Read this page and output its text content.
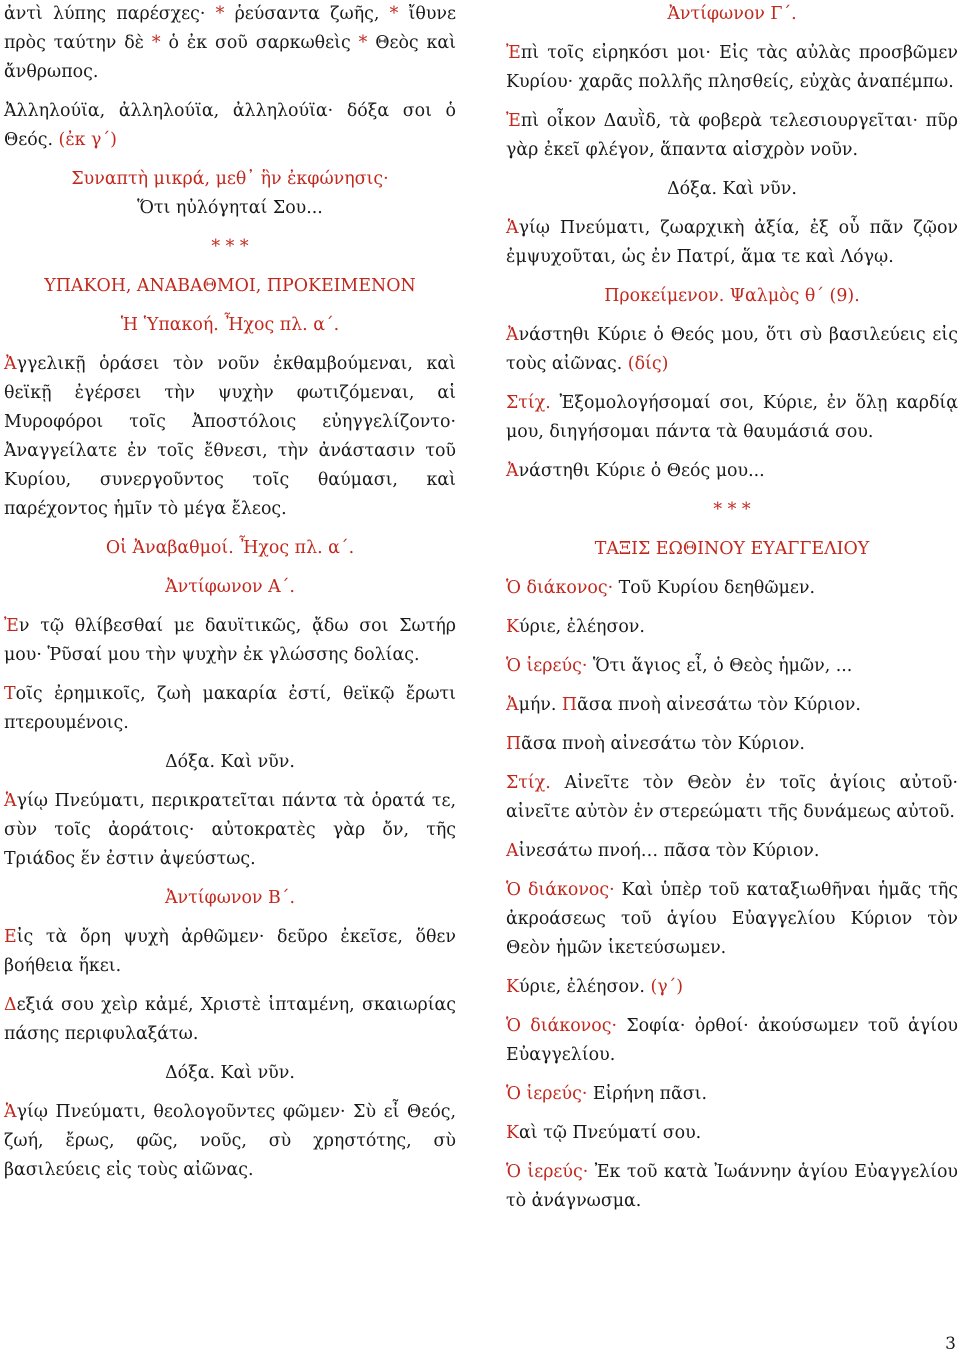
ἀντὶ λύπης παρέσχες· * ῥεύσαντα ζωῆς, * ἴθυνε πρὸς ταύτην δὲ * ὁ ἐκ σοῦ σαρκωθεὶς * Θεὸς καὶ ἄνθρωπος.

Ἀλληλούϊα, ἀλληλούϊα, ἀλληλούϊα· δόξα σοι ὁ Θεός. (ἐκ γ΄)

Συναπτὴ μικρά, μεθ᾽ ἣν ἐκφώνησις·

Ὅτι ηὐλόγηταί Σου...

* * *

ΥΠΑΚΟΗ, ΑΝΑΒΑΘΜΟΙ, ΠΡΟΚΕΙΜΕΝΟΝ

Ἡ Ὑπακοή. Ἦχος πλ. α΄.

Ἀγγελικῇ ὁράσει τὸν νοῦν ἐκθαμβούμεναι, καὶ θεϊκῇ ἐγέρσει τὴν ψυχὴν φωτιζόμεναι, αἱ Μυροφόροι τοῖς Ἀποστόλοις εὐηγγελίζοντο· Ἀναγγείλατε ἐν τοῖς ἔθνεσι, τὴν ἀνάστασιν τοῦ Κυρίου, συνεργοῦντος τοῖς θαύμασι, καὶ παρέχοντος ἡμῖν τὸ μέγα ἔλεος.

Οἱ Ἀναβαθμοί. Ἦχος πλ. α΄.

Ἀντίφωνον Α΄.

Ἐν τῷ θλίβεσθαί με δαυϊτικῶς, ᾄδω σοι Σωτήρ μου· Ῥῦσαί μου τὴν ψυχὴν ἐκ γλώσσης δολίας.

Τοῖς ἐρημικοῖς, ζωὴ μακαρία ἐστί, θεϊκῷ ἔρωτι πτερουμένοις.

Δόξα. Καὶ νῦν.

Ἁγίῳ Πνεύματι, περικρατεῖται πάντα τὰ ὁρατά τε, σὺν τοῖς ἀοράτοις· αὐτοκρατὲς γὰρ ὄν, τῆς Τριάδος ἕν ἐστιν ἀψεύστως.

Ἀντίφωνον Β΄.

Εἰς τὰ ὄρη ψυχὴ ἀρθῶμεν· δεῦρο ἐκεῖσε, ὅθεν βοήθεια ἥκει.

Δεξιά σου χεὶρ κἀμέ, Χριστὲ ἱπταμένη, σκαιωρίας πάσης περιφυλαξάτω.

Δόξα. Καὶ νῦν.

Ἁγίῳ Πνεύματι, θεολογοῦντες φῶμεν· Σὺ εἶ Θεός, ζωή, ἔρως, φῶς, νοῦς, σὺ χρηστότης, σὺ βασιλεύεις εἰς τοὺς αἰῶνας.

Ἀντίφωνον Γ΄.

Ἐπὶ τοῖς εἰρηκόσι μοι· Εἰς τὰς αὐλὰς προσβῶμεν Κυρίου· χαρᾶς πολλῆς πλησθείς, εὐχὰς ἀναπέμπω.

Ἐπὶ οἶκον Δαυῒδ, τὰ φοβερὰ τελεσιουργεῖται· πῦρ γὰρ ἐκεῖ φλέγον, ἅπαντα αἰσχρὸν νοῦν.

Δόξα. Καὶ νῦν.

Ἁγίῳ Πνεύματι, ζωαρχικὴ ἀξία, ἐξ οὗ πᾶν ζῷον ἐμψυχοῦται, ὡς ἐν Πατρί, ἅμα τε καὶ Λόγῳ.

Προκείμενον. Ψαλμὸς θ΄ (9).

Ἀνάστηθι Κύριε ὁ Θεός μου, ὅτι σὺ βασιλεύεις εἰς τοὺς αἰῶνας. (δίς)

Στίχ. Ἐξομολογήσομαί σοι, Κύριε, ἐν ὅλῃ καρδίᾳ μου, διηγήσομαι πάντα τὰ θαυμάσιά σου.

Ἀνάστηθι Κύριε ὁ Θεός μου...

* * *

ΤΑΞΙΣ ΕΩΘΙΝΟΥ ΕΥΑΓΓΕΛΙΟΥ

Ὁ διάκονος· Τοῦ Κυρίου δεηθῶμεν.

Κύριε, ἐλέησον.

Ὁ ἱερεύς· Ὅτι ἅγιος εἶ, ὁ Θεὸς ἡμῶν, ...

Ἀμήν. Πᾶσα πνοὴ αἰνεσάτω τὸν Κύριον.

Πᾶσα πνοὴ αἰνεσάτω τὸν Κύριον.

Στίχ. Αἰνεῖτε τὸν Θεὸν ἐν τοῖς ἁγίοις αὐτοῦ· αἰνεῖτε αὐτὸν ἐν στερεώματι τῆς δυνάμεως αὐτοῦ.

Αἰνεσάτω πνοή… πᾶσα τὸν Κύριον.

Ὁ διάκονος· Καὶ ὑπὲρ τοῦ καταξιωθῆναι ἡμᾶς τῆς ἀκροάσεως τοῦ ἁγίου Εὐαγγελίου Κύριον τὸν Θεὸν ἡμῶν ἱκετεύσωμεν.

Κύριε, ἐλέησον. (γ΄)

Ὁ διάκονος· Σοφία· ὀρθοί· ἀκούσωμεν τοῦ ἁγίου Εὐαγγελίου.

Ὁ ἱερεύς· Εἰρήνη πᾶσι.

Καὶ τῷ Πνεύματί σου.

Ὁ ἱερεύς· Ἐκ τοῦ κατὰ Ἰωάννην ἁγίου Εὐαγγελίου τὸ ἀνάγνωσμα.

3
